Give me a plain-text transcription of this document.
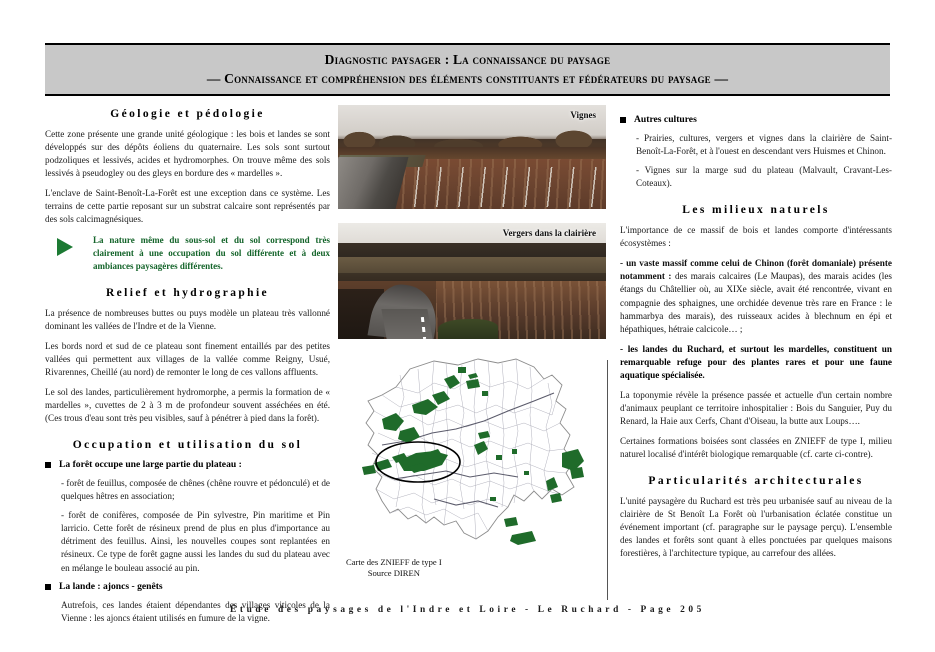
Diagnostic paysager : La connaissance du paysage
— Connaissance et compréhension des éléments constituants et fédérateurs du paysage —
Géologie et pédologie

Cette zone présente une grande unité géologique : les bois et landes se sont développés sur des dépôts éoliens du quaternaire. Les sols sont surtout podzoliques et lessivés, acides et hydromorphes. On trouve même des sols lessivés à pseudogley ou des gleys en bordure des « mardelles ».

L'enclave de Saint-Benoît-La-Forêt est une exception dans ce système. Les terrains de cette partie reposant sur un substrat calcaire sont représentés par des sols calcimagnésiques.

La nature même du sous-sol et du sol correspond très clairement à une occupation du sol différente et à deux ambiances paysagères différentes.

Relief et hydrographie

La présence de nombreuses buttes ou puys modèle un plateau très vallonné dominant les vallées de l'Indre et de la Vienne.

Les bords nord et sud de ce plateau sont finement entaillés par des petites vallées qui permettent aux villages de la vallée comme Reigny, Usué, Rivarennes, Cheillé (au nord) de remonter le long de ces vallons affluents.

Le sol des landes, particulièrement hydromorphe, a permis la formation de « mardelles », cuvettes de 2 à 3 m de profondeur souvent asséchées en été. (Ces trous d'eau sont très peu visibles, sauf à pénétrer à pied dans la forêt).

Occupation et utilisation du sol
La forêt occupe une large partie du plateau :

- forêt de feuillus, composée de chênes (chêne rouvre et pédonculé) et de quelques hêtres en association;

- forêt de conifères, composée de Pin sylvestre, Pin maritime et Pin larricio. Cette forêt de résineux prend de plus en plus d'importance au détriment des feuillus. Ainsi, les nouvelles coupes sont replantées en résineux. Ce type de forêt gagne aussi les landes du sud du plateau avec en mélange le bouleau associé au pin.

La lande : ajoncs - genêts

Autrefois, ces landes étaient dépendantes des villages viticoles de la Vienne : les ajoncs étaient utilisés en fumure de la vigne.

Vignes
Vergers dans la clairière
Carte des ZNIEFF de type I
Source DIREN
Autres cultures

- Prairies, cultures, vergers et vignes dans la clairière de Saint-Benoît-La-Forêt, et à l'ouest en descendant vers Huismes et Chinon.

- Vignes sur la marge sud du plateau (Malvault, Cravant-Les-Coteaux).

Les milieux naturels

L'importance de ce massif de bois et landes comporte d'intéressants écosystèmes :

- un vaste massif comme celui de Chinon (forêt domaniale) présente notamment : des marais calcaires (Le Maupas), des marais acides (les étangs du Châtellier où, au XIXe siècle, avait été rencontrée, vivant en compagnie des sphaignes, une orchidée devenue très rare en France : le hammarbya des marais), des ruisseaux acides à blechnum en épi et hépathiques, hétraie calcicole… ;

- les landes du Ruchard, et surtout les mardelles, constituent un remarquable refuge pour des plantes rares et pour une faune aquatique spécialisée.

La toponymie révèle la présence passée et actuelle d'un certain nombre d'animaux peuplant ce territoire inhospitalier : Bois du Sanguier, Puy du Renard, la Haie aux Cerfs, Chant d'Oiseau, la butte aux Loups….

Certaines formations boisées sont classées en ZNIEFF de type I, milieu naturel localisé d'intérêt biologique remarquable (cf. carte ci-contre).

Particularités architecturales

L'unité paysagère du Ruchard est très peu urbanisée sauf au niveau de la clairière de St Benoît La Forêt où l'urbanisation éclatée constitue un événement important (cf. paragraphe sur le paysage perçu). L'ensemble des landes et forêts sont quant à elles ponctuées par quelques maisons forestières, à l'architecture typique, au carrefour des allées.

Étude des paysages de l'Indre et Loire - Le Ruchard - Page 205
